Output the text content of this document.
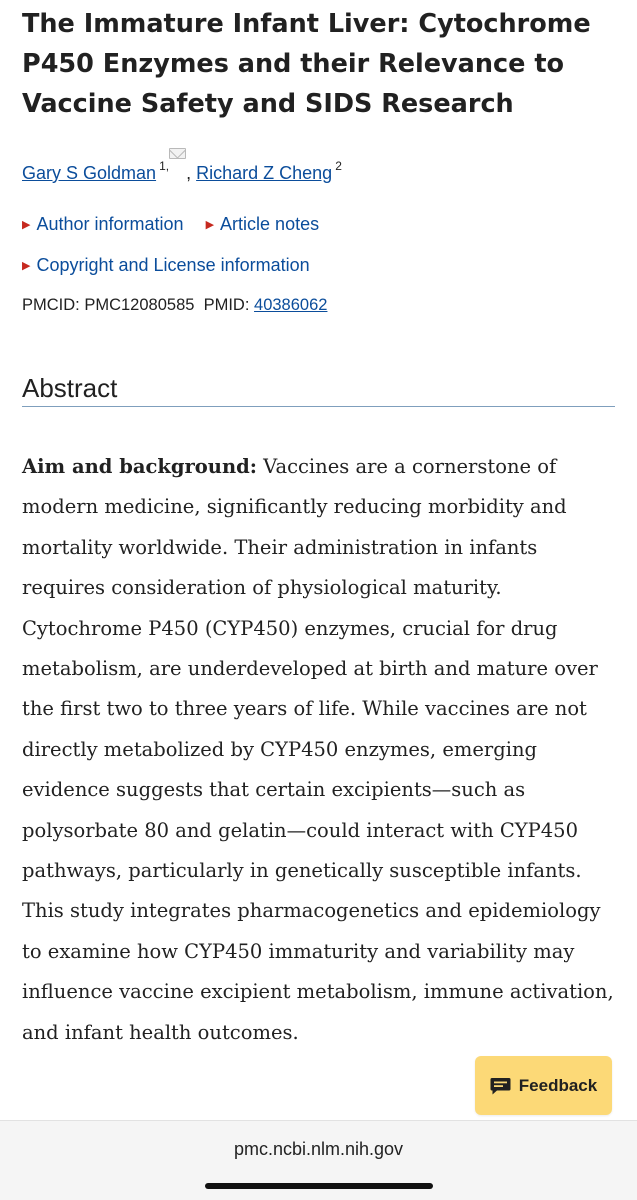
The Immature Infant Liver: Cytochrome P450 Enzymes and their Relevance to Vaccine Safety and SIDS Research
Gary S Goldman $^{1,}$ , Richard Z Cheng $^2$
▶ Author information ▶ Article notes
▶ Copyright and License information
PMCID: PMC12080585 PMID: 40386062
Abstract

Aim and background: Vaccines are a cornerstone of modern medicine, significantly reducing morbidity and mortality worldwide. Their administration in infants requires consideration of physiological maturity. Cytochrome P450 (CYP450) enzymes, crucial for drug metabolism, are underdeveloped at birth and mature over the first two to three years of life. While vaccines are not directly metabolized by CYP450 enzymes, emerging evidence suggests that certain excipients—such as polysorbate 80 and gelatin—could interact with CYP450 pathways, particularly in genetically susceptible infants. This study integrates pharmacogenetics and epidemiology to examine how CYP450 immaturity and variability may influence vaccine excipient metabolism, immune activation, and infant health outcomes.

Feedback
pmc.ncbi.nlm.nih.gov
